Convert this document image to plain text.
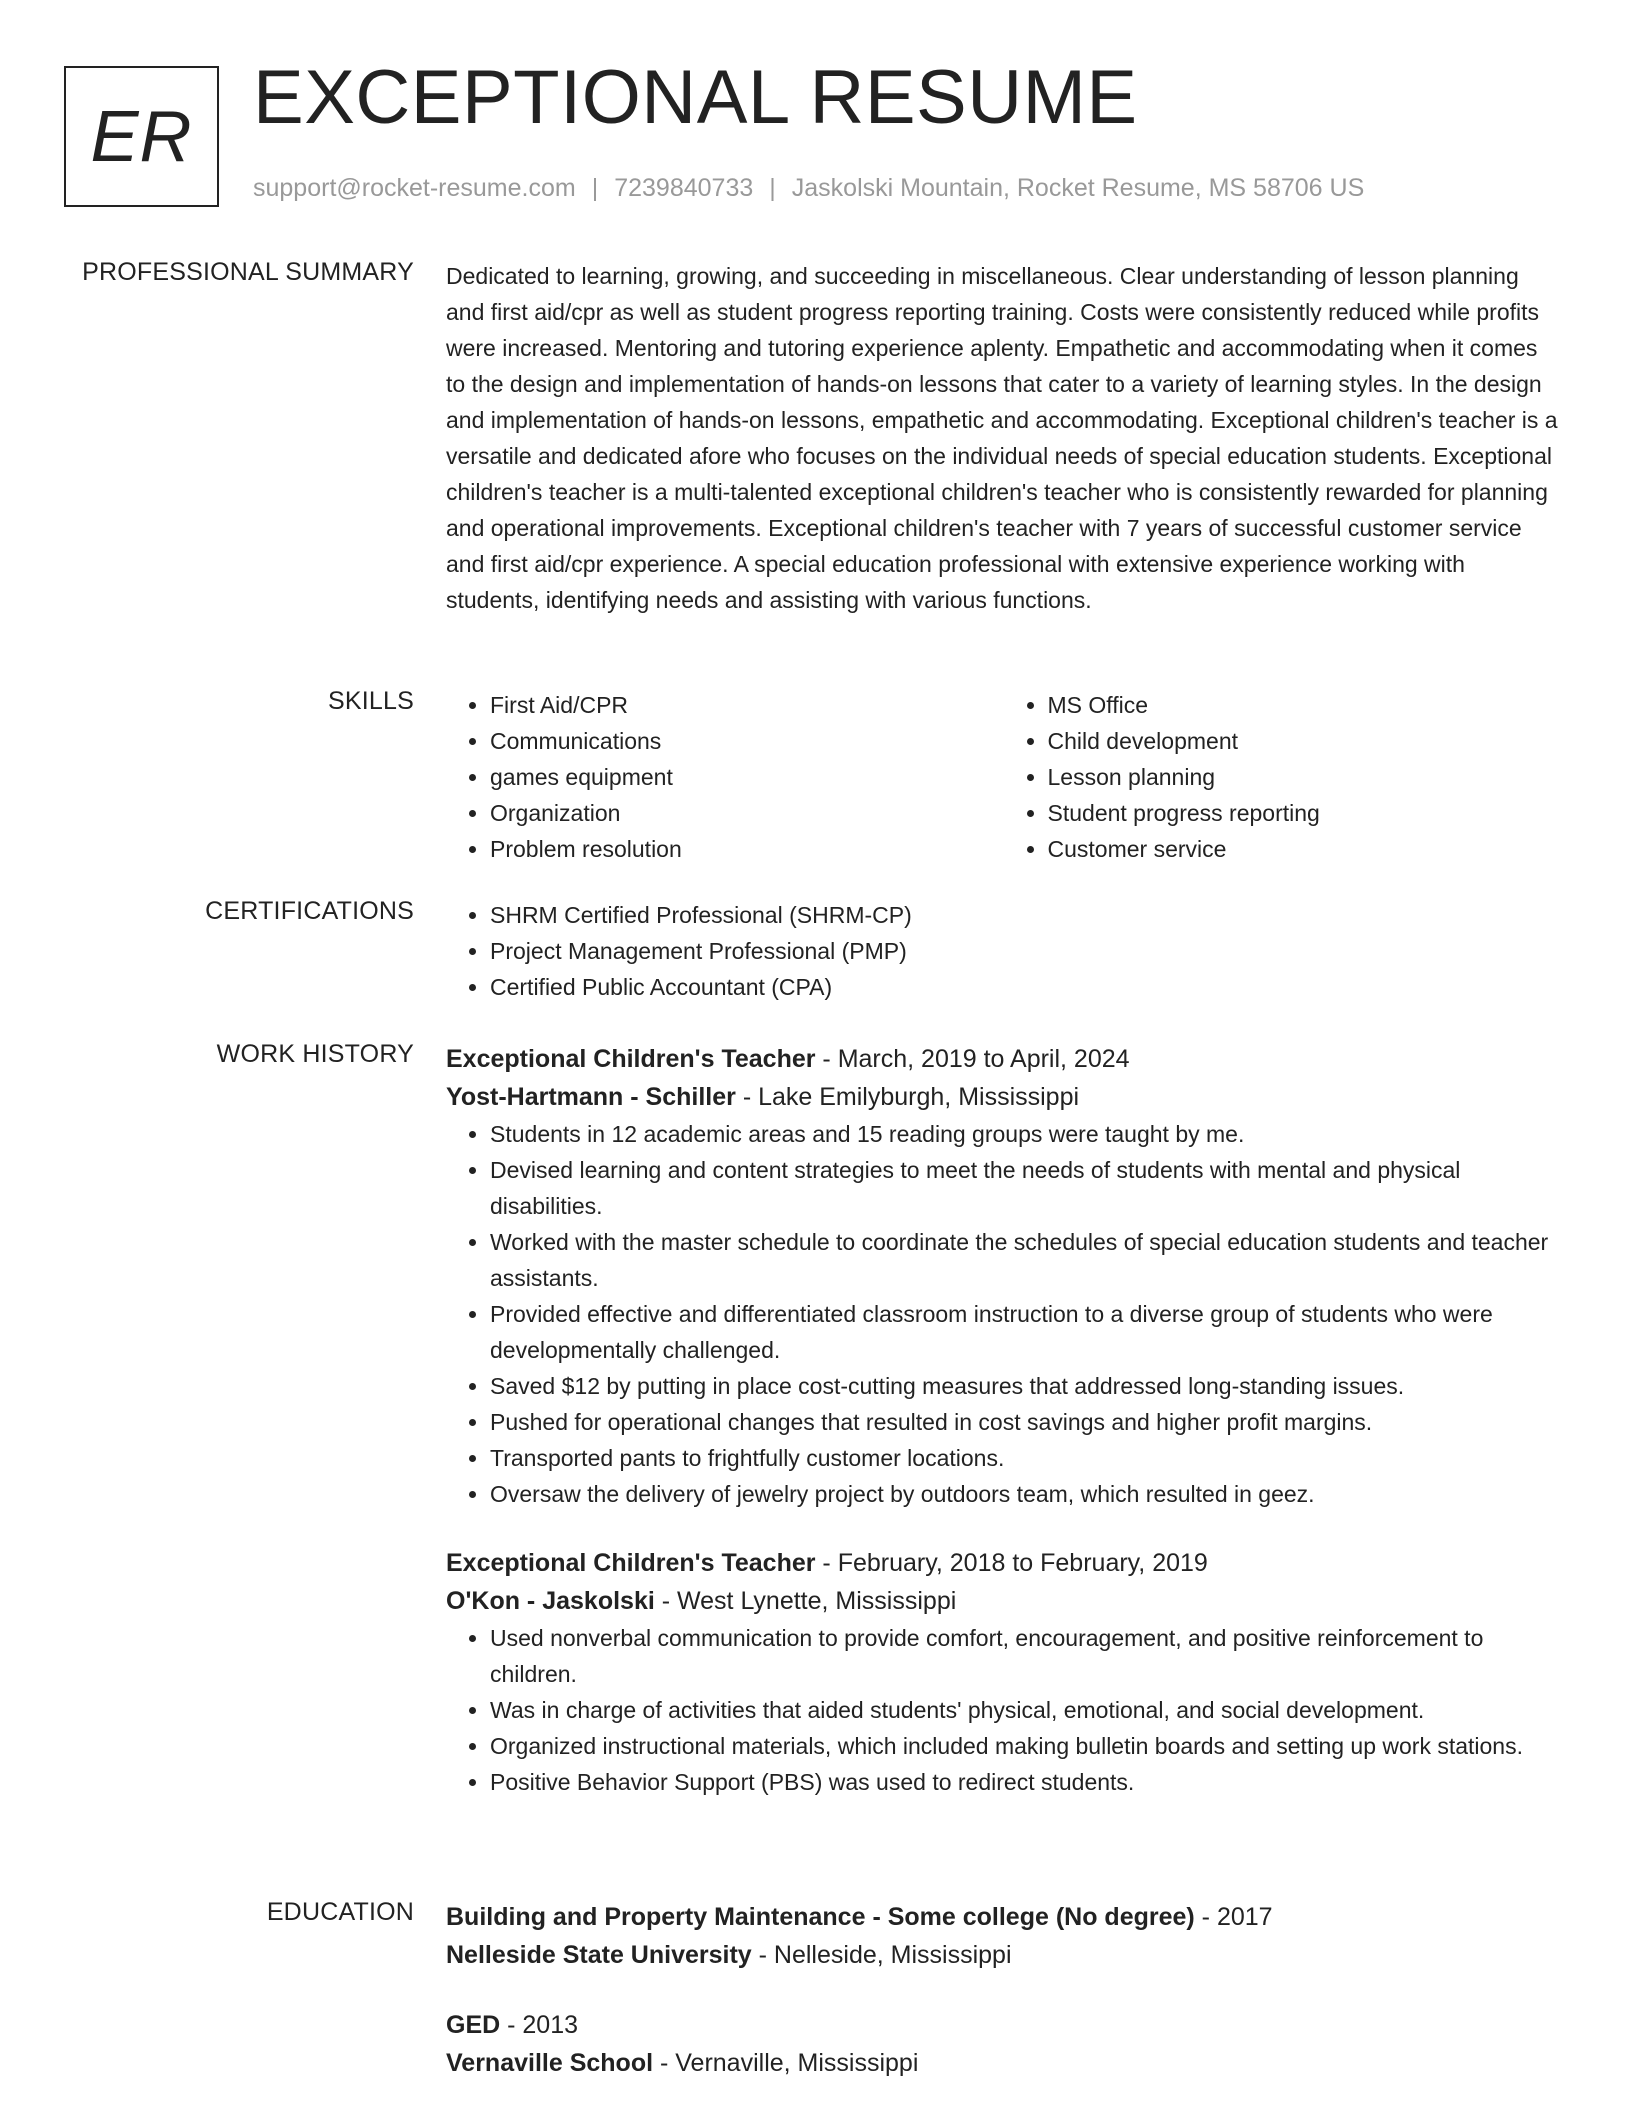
ER EXCEPTIONAL RESUME
support@rocket-resume.com | 7239840733 | Jaskolski Mountain, Rocket Resume, MS 58706 US
PROFESSIONAL SUMMARY Dedicated to learning, growing, and succeeding in miscellaneous. Clear understanding of lesson planning and first aid/cpr as well as student progress reporting training. Costs were consistently reduced while profits were increased. Mentoring and tutoring experience aplenty. Empathetic and accommodating when it comes to the design and implementation of hands-on lessons that cater to a variety of learning styles. In the design and implementation of hands-on lessons, empathetic and accommodating. Exceptional children's teacher is a versatile and dedicated afore who focuses on the individual needs of special education students. Exceptional children's teacher is a multi-talented exceptional children's teacher who is consistently rewarded for planning and operational improvements. Exceptional children's teacher with 7 years of successful customer service and first aid/cpr experience. A special education professional with extensive experience working with students, identifying needs and assisting with various functions.

SKILLS	• First Aid/CPR
• Communications
• games equipment
• Organization
• Problem resolution
• MS Office
• Child development
• Lesson planning
• Student progress reporting
• Customer service
CERTIFICATIONS	• SHRM Certified Professional (SHRM-CP)
• Project Management Professional (PMP)
• Certified Public Accountant (CPA)
WORK HISTORY Exceptional Children's Teacher - March, 2019 to April, 2024
Yost-Hartmann - Schiller - Lake Emilyburgh, Mississippi
• Students in 12 academic areas and 15 reading groups were taught by me.
• Devised learning and content strategies to meet the needs of students with mental and physical disabilities.
• Worked with the master schedule to coordinate the schedules of special education students and teacher assistants.
• Provided effective and differentiated classroom instruction to a diverse group of students who were developmentally challenged.
• Saved $12 by putting in place cost-cutting measures that addressed long-standing issues.
• Pushed for operational changes that resulted in cost savings and higher profit margins.
• Transported pants to frightfully customer locations.
• Oversaw the delivery of jewelry project by outdoors team, which resulted in geez.
Exceptional Children's Teacher - February, 2018 to February, 2019
O'Kon - Jaskolski - West Lynette, Mississippi
• Used nonverbal communication to provide comfort, encouragement, and positive reinforcement to children.
• Was in charge of activities that aided students' physical, emotional, and social development.
• Organized instructional materials, which included making bulletin boards and setting up work stations.
• Positive Behavior Support (PBS) was used to redirect students.
EDUCATION Building and Property Maintenance - Some college (No degree) - 2017
Nelleside State University - Nelleside, Mississippi
GED - 2013
Vernaville School - Vernaville, Mississippi
